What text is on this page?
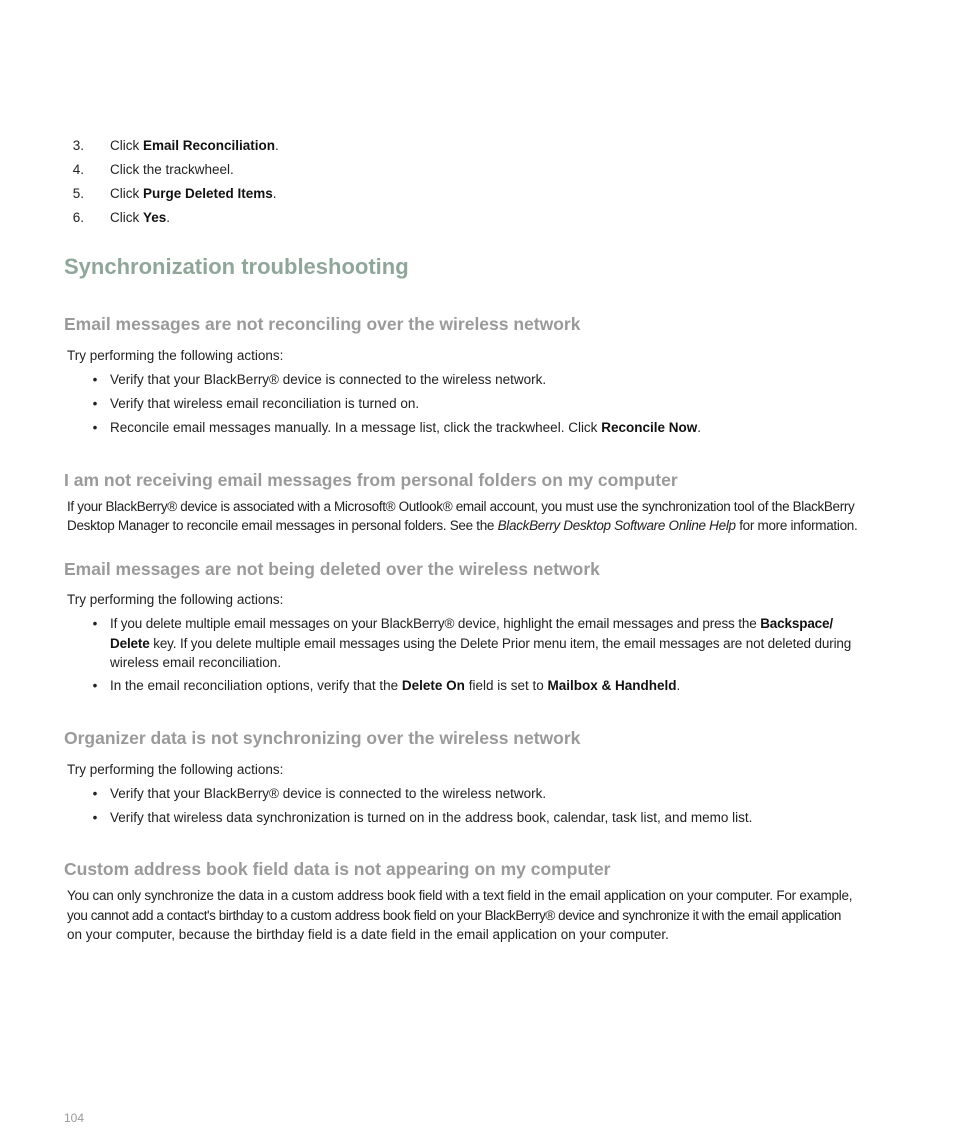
3. Click Email Reconciliation.
4. Click the trackwheel.
5. Click Purge Deleted Items.
6. Click Yes.
Synchronization troubleshooting
Email messages are not reconciling over the wireless network
Try performing the following actions:
• Verify that your BlackBerry® device is connected to the wireless network.
• Verify that wireless email reconciliation is turned on.
• Reconcile email messages manually. In a message list, click the trackwheel. Click Reconcile Now.
I am not receiving email messages from personal folders on my computer
If your BlackBerry® device is associated with a Microsoft® Outlook® email account, you must use the synchronization tool of the BlackBerry
Desktop Manager to reconcile email messages in personal folders. See the BlackBerry Desktop Software Online Help for more information.
Email messages are not being deleted over the wireless network
Try performing the following actions:
• If you delete multiple email messages on your BlackBerry® device, highlight the email messages and press the Backspace/
Delete key. If you delete multiple email messages using the Delete Prior menu item, the email messages are not deleted during
wireless email reconciliation.
• In the email reconciliation options, verify that the Delete On field is set to Mailbox & Handheld.
Organizer data is not synchronizing over the wireless network
Try performing the following actions:
• Verify that your BlackBerry® device is connected to the wireless network.
• Verify that wireless data synchronization is turned on in the address book, calendar, task list, and memo list.
Custom address book field data is not appearing on my computer
You can only synchronize the data in a custom address book field with a text field in the email application on your computer. For example,
you cannot add a contact's birthday to a custom address book field on your BlackBerry® device and synchronize it with the email application
on your computer, because the birthday field is a date field in the email application on your computer.
104
